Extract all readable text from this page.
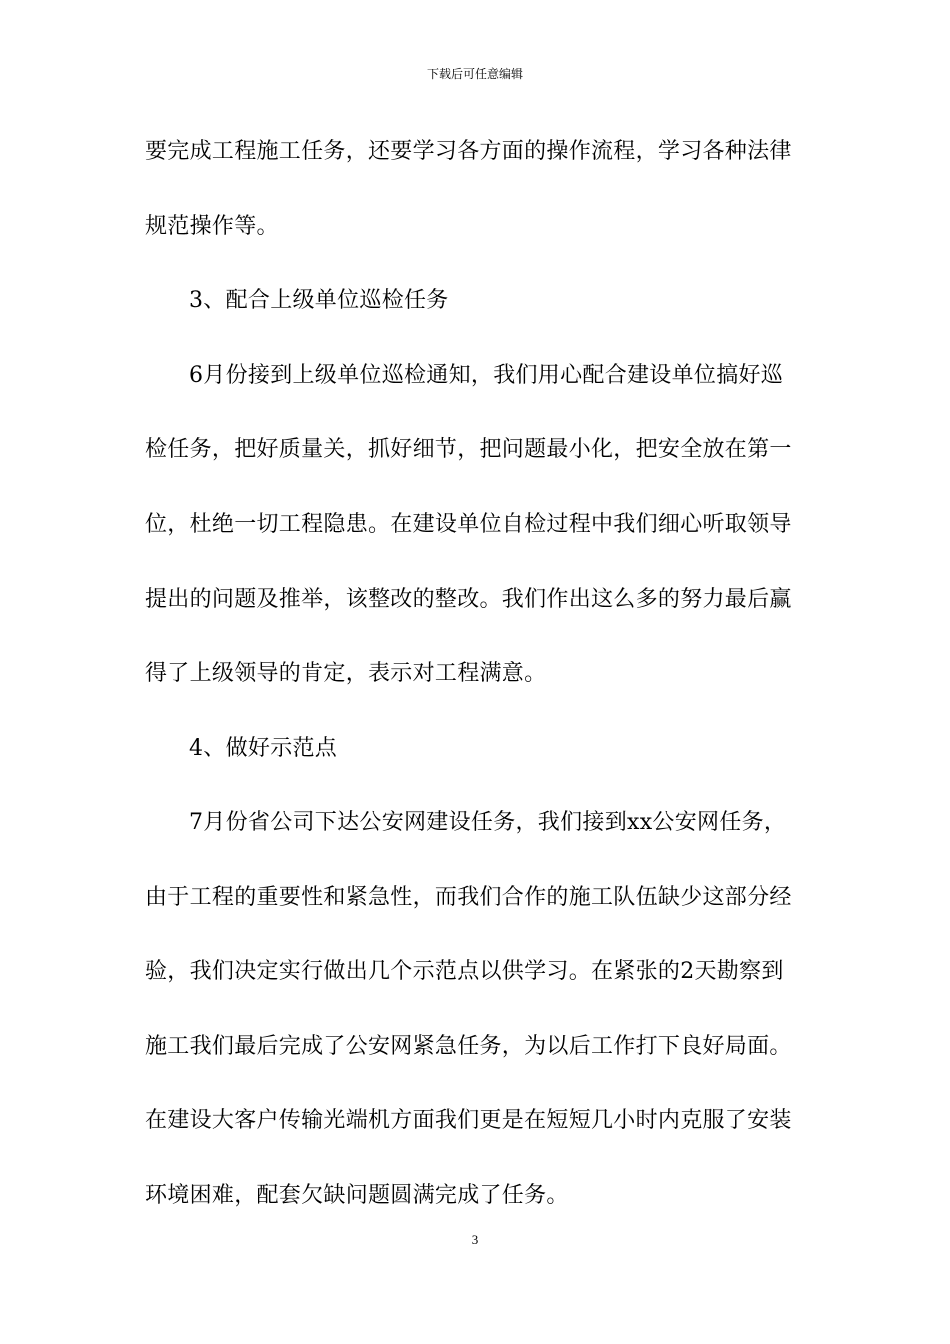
下载后可任意编辑
要完成工程施工任务，还要学习各方面的操作流程，学习各种法律
规范操作等。
3、配合上级单位巡检任务
6月份接到上级单位巡检通知，我们用心配合建设单位搞好巡
检任务，把好质量关，抓好细节，把问题最小化，把安全放在第一
位，杜绝一切工程隐患。在建设单位自检过程中我们细心听取领导
提出的问题及推举，该整改的整改。我们作出这么多的努力最后赢
得了上级领导的肯定，表示对工程满意。
4、做好示范点
7月份省公司下达公安网建设任务，我们接到xx公安网任务，
由于工程的重要性和紧急性，而我们合作的施工队伍缺少这部分经
验，我们决定实行做出几个示范点以供学习。在紧张的2天勘察到
施工我们最后完成了公安网紧急任务，为以后工作打下良好局面。
在建设大客户传输光端机方面我们更是在短短几小时内克服了安装
环境困难，配套欠缺问题圆满完成了任务。
3
